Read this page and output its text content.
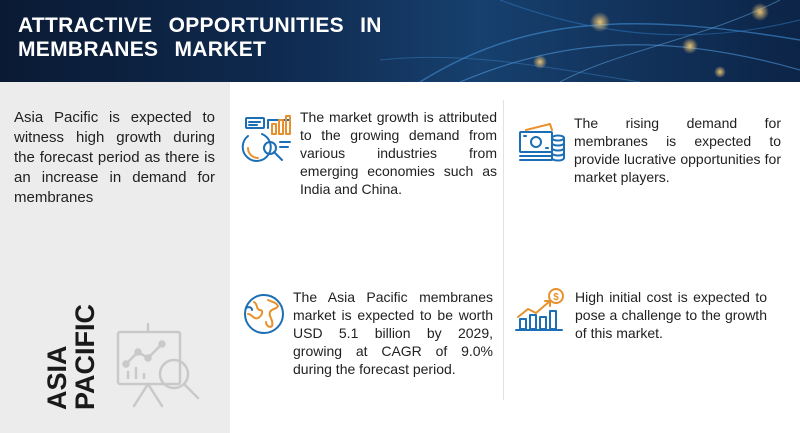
ATTRACTIVE OPPORTUNITIES IN MEMBRANES MARKET
Asia Pacific is expected to witness high growth during the forecast period as there is an increase in demand for membranes
ASIA
PACIFIC
The market growth is attributed to the growing demand from various industries from emerging economies such as India and China.
The rising demand for membranes is expected to provide lucrative opportunities for market players.
The Asia Pacific membranes market is expected to be worth USD 5.1 billion by 2029, growing at CAGR of 9.0% during the forecast period.
$ High initial cost is expected to pose a challenge to the growth of this market.
